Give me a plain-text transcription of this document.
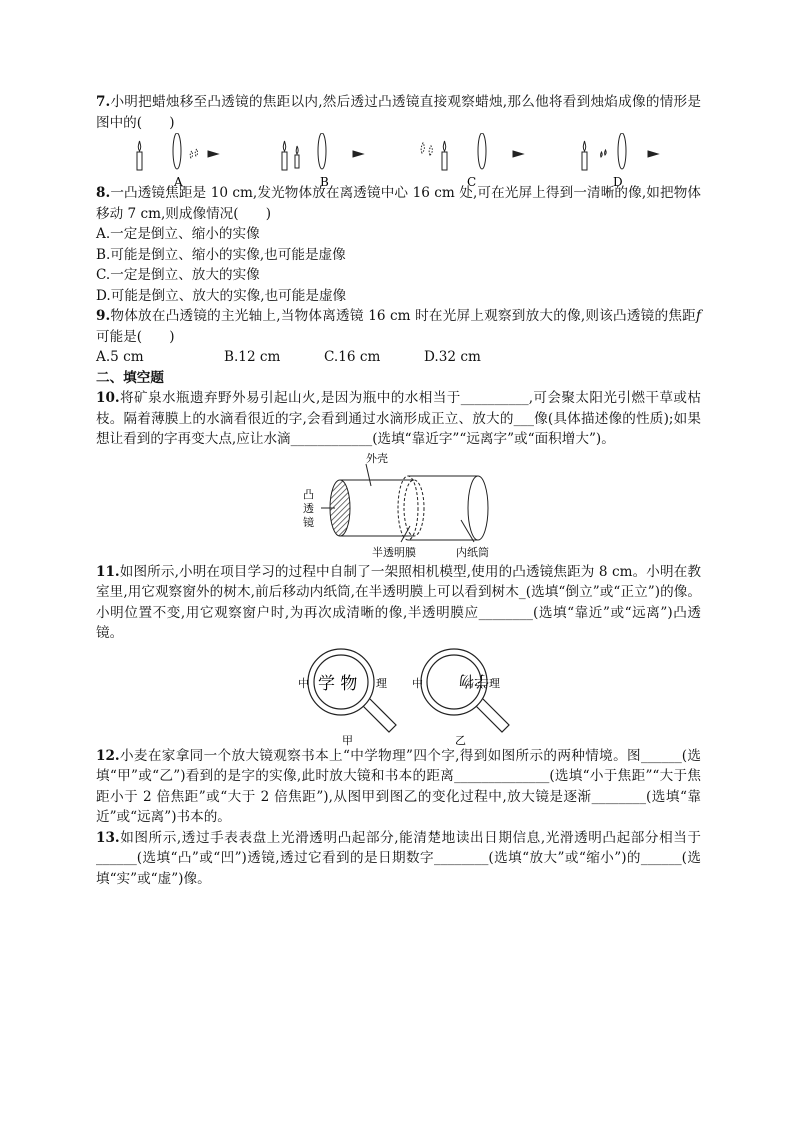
7.小明把蜡烛移至凸透镜的焦距以内,然后透过凸透镜直接观察蜡烛,那么他将看到烛焰成像的情形是图中的(　　)

A	B	C	D

8.一凸透镜焦距是 10 cm,发光物体放在离透镜中心 16 cm 处,可在光屏上得到一清晰的像,如把物体移动 7 cm,则成像情况(　　)

A.一定是倒立、缩小的实像

B.可能是倒立、缩小的实像,也可能是虚像

C.一定是倒立、放大的实像

D.可能是倒立、放大的实像,也可能是虚像

9.物体放在凸透镜的主光轴上,当物体离透镜 16 cm 时在光屏上观察到放大的像,则该凸透镜的焦距f可能是(　　)

A.5 cm	B.12 cm	C.16 cm	D.32 cm

二、填空题

10.将矿泉水瓶遗弃野外易引起山火,是因为瓶中的水相当于__________,可会聚太阳光引燃干草或枯枝。隔着薄膜上的水滴看很近的字,会看到通过水滴形成正立、放大的___像(具体描述像的性质);如果想让看到的字再变大点,应让水滴____________(选填“靠近字”“远离字”或“面积增大”)。

外壳
凸
透
镜
半透明膜	内纸筒

11.如图所示,小明在项目学习的过程中自制了一架照相机模型,使用的凸透镜焦距为 8 cm。小明在教室里,用它观察窗外的树木,前后移动内纸筒,在半透明膜上可以看到树木_(选填“倒立”或“正立”)的像。小明位置不变,用它观察窗户时,为再次成清晰的像,半透明膜应________(选填“靠近”或“远离”)凸透镜。

中 学 物 理
甲
中 学物 理
乙

12.小麦在家拿同一个放大镜观察书本上“中学物理”四个字,得到如图所示的两种情境。图______(选填“甲”或“乙”)看到的是字的实像,此时放大镜和书本的距离______________(选填“小于焦距”“大于焦距小于 2 倍焦距”或“大于 2 倍焦距”),从图甲到图乙的变化过程中,放大镜是逐渐________(选填“靠近”或“远离”)书本的。

13.如图所示,透过手表表盘上光滑透明凸起部分,能清楚地读出日期信息,光滑透明凸起部分相当于______(选填“凸”或“凹”)透镜,透过它看到的是日期数字________(选填“放大”或“缩小”)的______(选填“实”或“虚”)像。
